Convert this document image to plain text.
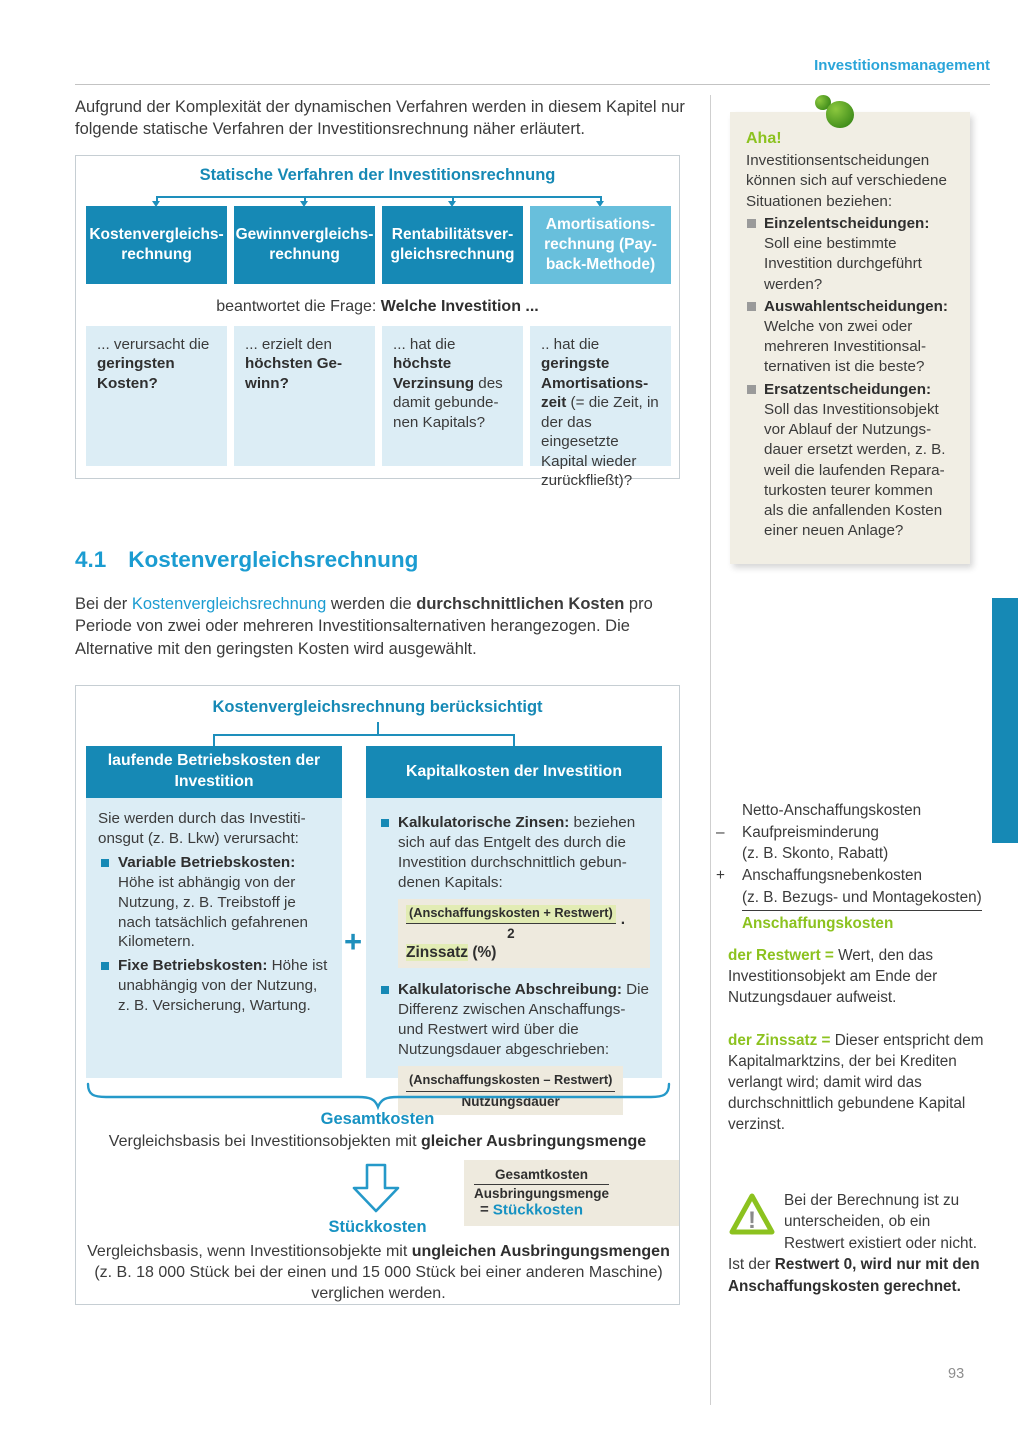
Investitionsmanagement

Aufgrund der Komplexität der dynamischen Verfahren werden in diesem Kapitel nur folgende statische Verfahren der Investitionsrechnung näher erläutert.

Statische Verfahren der Investitionsrechnung
Kostenvergleichsrechnung
Gewinnvergleichsrechnung
Rentabilitätsvergleichsrechnung
Amortisationsrechnung (Payback-Methode)
beantwortet die Frage: Welche Investition ...
... verursacht die geringsten Kosten?
... erzielt den höchsten Gewinn?
... hat die höchste Verzinsung des damit gebundenen Kapitals?
.. hat die geringste Amortisationszeit (= die Zeit, in der das eingesetzte Kapital wieder zurückfließt)?
4.1 Kostenvergleichsrechnung

Bei der Kostenvergleichsrechnung werden die durchschnittlichen Kosten pro Periode von zwei oder mehreren Investitionsalternativen herangezogen. Die Alternative mit den geringsten Kosten wird ausgewählt.

Kostenvergleichsrechnung berücksichtigt
laufende Betriebskosten der Investition

Sie werden durch das Investitionsgut (z. B. Lkw) verursacht:

Variable Betriebskosten: Höhe ist abhängig von der Nutzung, z. B. Treibstoff je nach tatsächlich gefahrenen Kilometern.
Fixe Betriebskosten: Höhe ist unabhängig von der Nutzung, z. B. Versicherung, Wartung.
+
Kapitalkosten der Investition
Kalkulatorische Zinsen: beziehen sich auf das Entgelt des durch die Investition durchschnittlich gebundenen Kapitals:
$\frac{\text{(Anschaffungskosten + Restwert)}}{2}$ · Zinssatz (%)
Kalkulatorische Abschreibung: Die Differenz zwischen Anschaffungs- und Restwert wird über die Nutzungsdauer abgeschrieben:
$\frac{\text{(Anschaffungskosten – Restwert)}}{\text{Nutzungsdauer}}$
Gesamtkosten
Vergleichsbasis bei Investitionsobjekten mit gleicher Ausbringungsmenge
$\frac{\text{Gesamtkosten}}{\text{Ausbringungsmenge}}$
= Stückkosten
Stückkosten
Vergleichsbasis, wenn Investitionsobjekte mit ungleichen Ausbringungsmengen (z. B. 18 000 Stück bei der einen und 15 000 Stück bei einer anderen Maschine) verglichen werden.
Aha!

Investitionsentscheidungen können sich auf verschiedene Situationen beziehen:

Einzelentscheidungen: Soll eine bestimmte Investition durchgeführt werden?
Auswahlentscheidungen: Welche von zwei oder mehreren Investitionsalternativen ist die beste?
Ersatzentscheidungen: Soll das Investitionsobjekt vor Ablauf der Nutzungsdauer ersetzt werden, z. B. weil die laufenden Reparaturkosten teurer kommen als die anfallenden Kosten einer neuen Anlage?
Netto-Anschaffungskosten
–	Kaufpreisminderung
(z. B. Skonto, Rabatt)
+	Anschaffungsnebenkosten
(z. B. Bezugs- und Montagekosten)
Anschaffungskosten
der Restwert = Wert, den das Investitionsobjekt am Ende der Nutzungsdauer aufweist.
der Zinssatz = Dieser entspricht dem Kapitalmarktzins, der bei Krediten verlangt wird; damit wird das durchschnittlich gebundene Kapital verzinst.
!
Bei der Berechnung ist zu unterscheiden, ob ein Restwert existiert oder nicht. Ist der Restwert 0, wird nur mit den Anschaffungskosten gerechnet.
93
